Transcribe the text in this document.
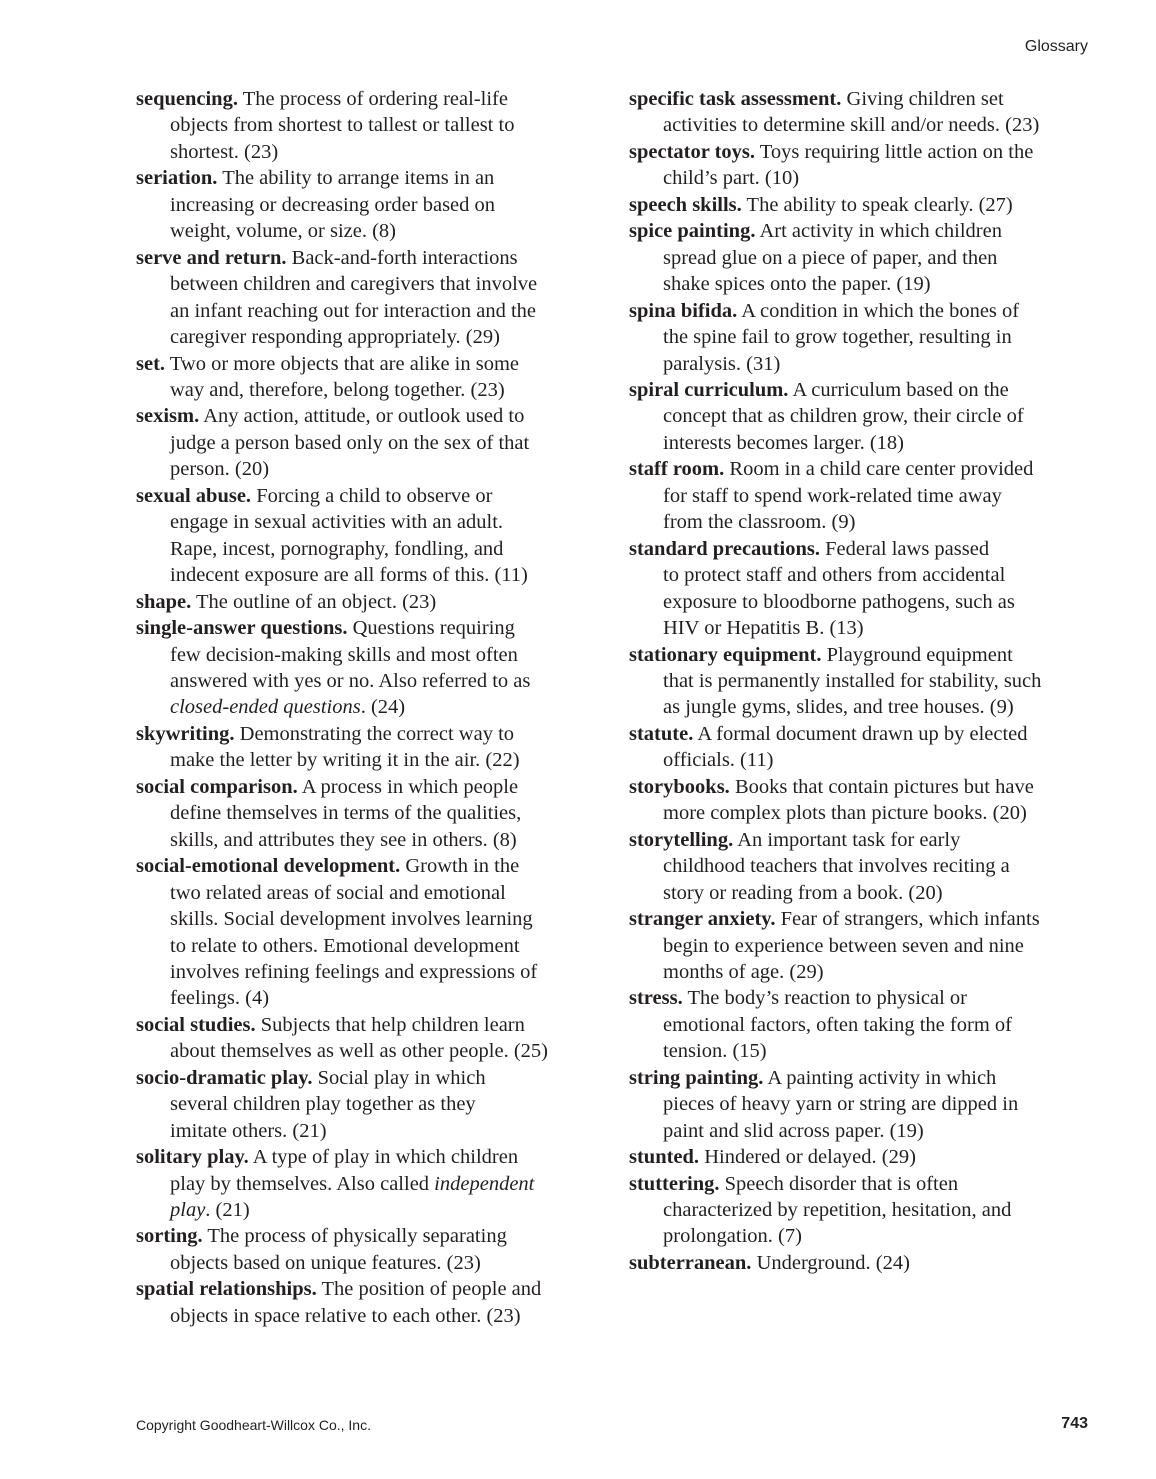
Glossary
sequencing. The process of ordering real-life
objects from shortest to tallest or tallest to
shortest. (23)
seriation. The ability to arrange items in an
increasing or decreasing order based on
weight, volume, or size. (8)
serve and return. Back-and-forth interactions
between children and caregivers that involve
an infant reaching out for interaction and the
caregiver responding appropriately. (29)
set. Two or more objects that are alike in some
way and, therefore, belong together. (23)
sexism. Any action, attitude, or outlook used to
judge a person based only on the sex of that
person. (20)
sexual abuse. Forcing a child to observe or
engage in sexual activities with an adult.
Rape, incest, pornography, fondling, and
indecent exposure are all forms of this. (11)
shape. The outline of an object. (23)
single-answer questions. Questions requiring
few decision-making skills and most often
answered with yes or no. Also referred to as
closed-ended questions. (24)
skywriting. Demonstrating the correct way to
make the letter by writing it in the air. (22)
social comparison. A process in which people
define themselves in terms of the qualities,
skills, and attributes they see in others. (8)
social-emotional development. Growth in the
two related areas of social and emotional
skills. Social development involves learning
to relate to others. Emotional development
involves refining feelings and expressions of
feelings. (4)
social studies. Subjects that help children learn
about themselves as well as other people. (25)
socio-dramatic play. Social play in which
several children play together as they
imitate others. (21)
solitary play. A type of play in which children
play by themselves. Also called independent
play. (21)
sorting. The process of physically separating
objects based on unique features. (23)
spatial relationships. The position of people and
objects in space relative to each other. (23)
specific task assessment. Giving children set
activities to determine skill and/or needs. (23)
spectator toys. Toys requiring little action on the
child’s part. (10)
speech skills. The ability to speak clearly. (27)
spice painting. Art activity in which children
spread glue on a piece of paper, and then
shake spices onto the paper. (19)
spina bifida. A condition in which the bones of
the spine fail to grow together, resulting in
paralysis. (31)
spiral curriculum. A curriculum based on the
concept that as children grow, their circle of
interests becomes larger. (18)
staff room. Room in a child care center provided
for staff to spend work-related time away
from the classroom. (9)
standard precautions. Federal laws passed
to protect staff and others from accidental
exposure to bloodborne pathogens, such as
HIV or Hepatitis B. (13)
stationary equipment. Playground equipment
that is permanently installed for stability, such
as jungle gyms, slides, and tree houses. (9)
statute. A formal document drawn up by elected
officials. (11)
storybooks. Books that contain pictures but have
more complex plots than picture books. (20)
storytelling. An important task for early
childhood teachers that involves reciting a
story or reading from a book. (20)
stranger anxiety. Fear of strangers, which infants
begin to experience between seven and nine
months of age. (29)
stress. The body’s reaction to physical or
emotional factors, often taking the form of
tension. (15)
string painting. A painting activity in which
pieces of heavy yarn or string are dipped in
paint and slid across paper. (19)
stunted. Hindered or delayed. (29)
stuttering. Speech disorder that is often
characterized by repetition, hesitation, and
prolongation. (7)
subterranean. Underground. (24)
Copyright Goodheart-Willcox Co., Inc.	743
